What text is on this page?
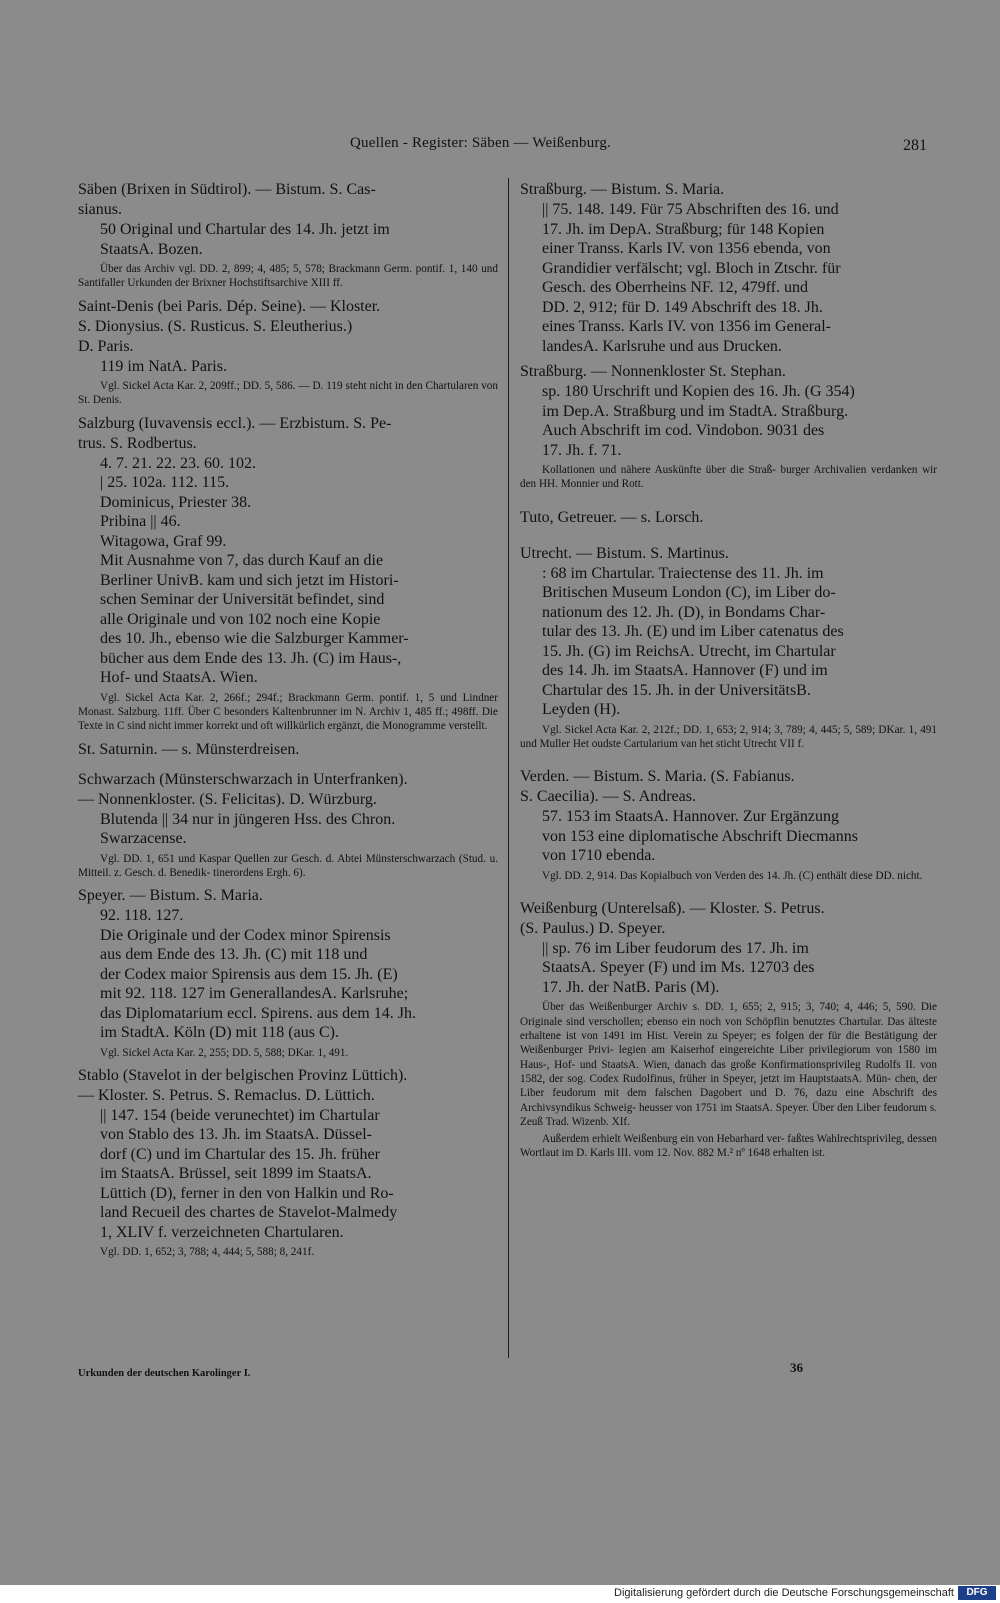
Quellen - Register: Säben — Weißenburg.	281

Säben (Brixen in Südtirol). — Bistum. S. Cas-

sianus.

50 Original und Chartular des 14. Jh. jetzt im

StaatsA. Bozen.

Über das Archiv vgl. DD. 2, 899; 4, 485; 5, 578; Brackmann Germ. pontif. 1, 140 und Santifaller Urkunden der Brixner Hochstiftsarchive XIII ff.

Saint-Denis (bei Paris. Dép. Seine). — Kloster.

S. Dionysius. (S. Rusticus. S. Eleutherius.)

D. Paris.

119 im NatA. Paris.

Vgl. Sickel Acta Kar. 2, 209ff.; DD. 5, 586. — D. 119 steht nicht in den Chartularen von St. Denis.

Salzburg (Iuvavensis eccl.). — Erzbistum. S. Pe-

trus. S. Rodbertus.

4. 7. 21. 22. 23. 60. 102.

| 25. 102a. 112. 115.

Dominicus, Priester 38.

Pribina || 46.

Witagowa, Graf 99.

Mit Ausnahme von 7, das durch Kauf an die

Berliner UnivB. kam und sich jetzt im Histori-

schen Seminar der Universität befindet, sind

alle Originale und von 102 noch eine Kopie

des 10. Jh., ebenso wie die Salzburger Kammer-

bücher aus dem Ende des 13. Jh. (C) im Haus-,

Hof- und StaatsA. Wien.

Vgl. Sickel Acta Kar. 2, 266f.; 294f.; Brackmann Germ. pontif. 1, 5 und Lindner Monast. Salzburg. 11ff. Über C besonders Kaltenbrunner im N. Archiv 1, 485 ff.; 498ff. Die Texte in C sind nicht immer korrekt und oft willkürlich ergänzt, die Monogramme verstellt.

St. Saturnin. — s. Münsterdreisen.

Schwarzach (Münsterschwarzach in Unterfranken).

— Nonnenkloster. (S. Felicitas). D. Würzburg.

Blutenda || 34 nur in jüngeren Hss. des Chron.

Swarzacense.

Vgl. DD. 1, 651 und Kaspar Quellen zur Gesch. d. Abtei Münsterschwarzach (Stud. u. Mitteil. z. Gesch. d. Benedik- tinerordens Ergh. 6).

Speyer. — Bistum. S. Maria.

92. 118. 127.

Die Originale und der Codex minor Spirensis

aus dem Ende des 13. Jh. (C) mit 118 und

der Codex maior Spirensis aus dem 15. Jh. (E)

mit 92. 118. 127 im GenerallandesA. Karlsruhe;

das Diplomatarium eccl. Spirens. aus dem 14. Jh.

im StadtA. Köln (D) mit 118 (aus C).

Vgl. Sickel Acta Kar. 2, 255; DD. 5, 588; DKar. 1, 491.

Stablo (Stavelot in der belgischen Provinz Lüttich).

— Kloster. S. Petrus. S. Remaclus. D. Lüttich.

|| 147. 154 (beide verunechtet) im Chartular

von Stablo des 13. Jh. im StaatsA. Düssel-

dorf (C) und im Chartular des 15. Jh. früher

im StaatsA. Brüssel, seit 1899 im StaatsA.

Lüttich (D), ferner in den von Halkin und Ro-

land Recueil des chartes de Stavelot-Malmedy

1, XLIV f. verzeichneten Chartularen.

Vgl. DD. 1, 652; 3, 788; 4, 444; 5, 588; 8, 241f.

Straßburg. — Bistum. S. Maria.

|| 75. 148. 149. Für 75 Abschriften des 16. und

17. Jh. im DepA. Straßburg; für 148 Kopien

einer Transs. Karls IV. von 1356 ebenda, von

Grandidier verfälscht; vgl. Bloch in Ztschr. für

Gesch. des Oberrheins NF. 12, 479ff. und

DD. 2, 912; für D. 149 Abschrift des 18. Jh.

eines Transs. Karls IV. von 1356 im General-

landesA. Karlsruhe und aus Drucken.

Straßburg. — Nonnenkloster St. Stephan.

sp. 180 Urschrift und Kopien des 16. Jh. (G 354)

im Dep.A. Straßburg und im StadtA. Straßburg.

Auch Abschrift im cod. Vindobon. 9031 des

17. Jh. f. 71.

Kollationen und nähere Auskünfte über die Straß- burger Archivalien verdanken wir den HH. Monnier und Rott.

Tuto, Getreuer. — s. Lorsch.

Utrecht. — Bistum. S. Martinus.

: 68 im Chartular. Traiectense des 11. Jh. im

Britischen Museum London (C), im Liber do-

nationum des 12. Jh. (D), in Bondams Char-

tular des 13. Jh. (E) und im Liber catenatus des

15. Jh. (G) im ReichsA. Utrecht, im Chartular

des 14. Jh. im StaatsA. Hannover (F) und im

Chartular des 15. Jh. in der UniversitätsB.

Leyden (H).

Vgl. Sickel Acta Kar. 2, 212f.; DD. 1, 653; 2, 914; 3, 789; 4, 445; 5, 589; DKar. 1, 491 und Muller Het oudste Cartularium van het sticht Utrecht VII f.

Verden. — Bistum. S. Maria. (S. Fabianus.

S. Caecilia). — S. Andreas.

57. 153 im StaatsA. Hannover. Zur Ergänzung

von 153 eine diplomatische Abschrift Diecmanns

von 1710 ebenda.

Vgl. DD. 2, 914. Das Kopialbuch von Verden des 14. Jh. (C) enthält diese DD. nicht.

Weißenburg (Unterelsaß). — Kloster. S. Petrus.

(S. Paulus.) D. Speyer.

|| sp. 76 im Liber feudorum des 17. Jh. im

StaatsA. Speyer (F) und im Ms. 12703 des

17. Jh. der NatB. Paris (M).

Über das Weißenburger Archiv s. DD. 1, 655; 2, 915; 3, 740; 4, 446; 5, 590. Die Originale sind verschollen; ebenso ein noch von Schöpflin benutztes Chartular. Das älteste erhaltene ist von 1491 im Hist. Verein zu Speyer; es folgen der für die Bestätigung der Weißenburger Privi- legien am Kaiserhof eingereichte Liber privilegiorum von 1580 im Haus-, Hof- und StaatsA. Wien, danach das große Konfirmationsprivileg Rudolfs II. von 1582, der sog. Codex Rudolfinus, früher in Speyer, jetzt im HauptstaatsA. Mün- chen, der Liber feudorum mit dem falschen Dagobert und D. 76, dazu eine Abschrift des Archivsyndikus Schweig- heusser von 1751 im StaatsA. Speyer. Über den Liber feudorum s. Zeuß Trad. Wizenb. XIf.

Außerdem erhielt Weißenburg ein von Hebarhard ver- faßtes Wahlrechtsprivileg, dessen Wortlaut im D. Karls III. vom 12. Nov. 882 M.² nº 1648 erhalten ist.

Urkunden der deutschen Karolinger I.	36
Digitalisierung gefördert durch die Deutsche Forschungsgemeinschaft	DFG
